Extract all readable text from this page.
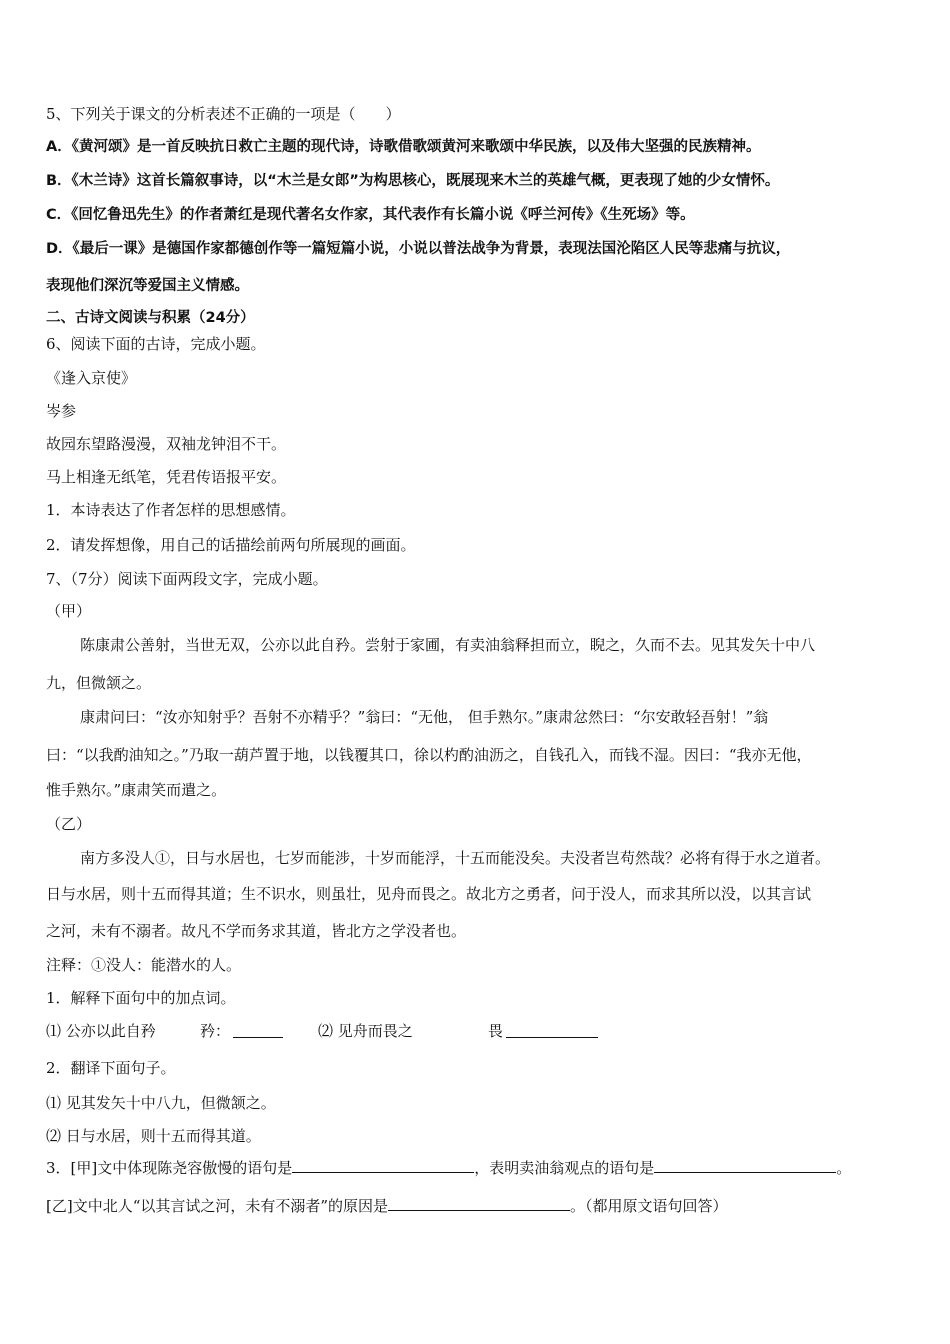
5、下列关于课文的分析表述不正确的一项是（　　）
A．《黄河颂》是一首反映抗日救亡主题的现代诗，诗歌借歌颂黄河来歌颂中华民族，以及伟大坚强的民族精神。
B．《木兰诗》这首长篇叙事诗，以“木兰是女郎”为构思核心，既展现来木兰的英雄气概，更表现了她的少女情怀。
C．《回忆鲁迅先生》的作者萧红是现代著名女作家，其代表作有长篇小说《呼兰河传》《生死场》等。
D．《最后一课》是德国作家都德创作等一篇短篇小说，小说以普法战争为背景，表现法国沦陷区人民等悲痛与抗议，
表现他们深沉等爱国主义情感。
二、古诗文阅读与积累（24分）
6、阅读下面的古诗，完成小题。
《逢入京使》
岑参
故园东望路漫漫，双袖龙钟泪不干。
马上相逢无纸笔，凭君传语报平安。
1．本诗表达了作者怎样的思想感情。
2．请发挥想像，用自己的话描绘前两句所展现的画面。
7、（7分）阅读下面两段文字，完成小题。
（甲）
陈康肃公善射，当世无双，公亦以此自矜。尝射于家圃，有卖油翁释担而立，睨之，久而不去。见其发矢十中八
九，但微颔之。
康肃问曰：“汝亦知射乎？吾射不亦精乎？”翁曰：“无他， 但手熟尔。”康肃忿然曰：“尔安敢轻吾射！”翁
曰：“以我酌油知之。”乃取一葫芦置于地，以钱覆其口，徐以杓酌油沥之，自钱孔入，而钱不湿。因曰：“我亦无他，
惟手熟尔。”康肃笑而遣之。
（乙）
南方多没人①，日与水居也，七岁而能涉，十岁而能浮，十五而能没矣。夫没者岂苟然哉？必将有得于水之道者。
日与水居，则十五而得其道；生不识水，则虽壮，见舟而畏之。故北方之勇者，问于没人，而求其所以没，以其言试
之河，未有不溺者。故凡不学而务求其道，皆北方之学没者也。
注释：①没人：能潜水的人。
1．解释下面句中的加点词。
⑴ 公亦以此自矜	矜：	⑵ 见舟而畏之	畏
2．翻译下面句子。
⑴ 见其发矢十中八九，但微颔之。
⑵ 日与水居，则十五而得其道。
3．[甲]文中体现陈尧容傲慢的语句是	，表明卖油翁观点的语句是	。
[乙]文中北人“以其言试之河，未有不溺者”的原因是	。（都用原文语句回答）
